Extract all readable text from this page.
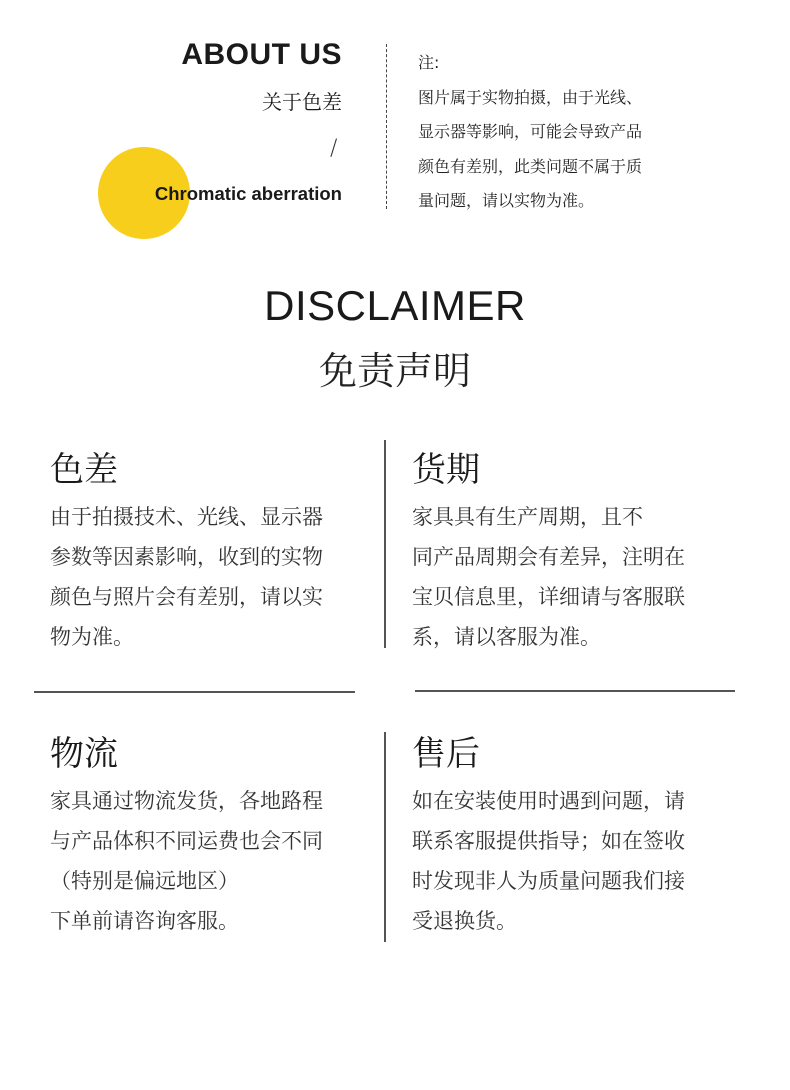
ABOUT US
关于色差
/
Chromatic aberration
注:
图片属于实物拍摄，由于光线、
显示器等影响，可能会导致产品
颜色有差别，此类问题不属于质
量问题，请以实物为准。
DISCLAIMER
免责声明
色差
由于拍摄技术、光线、显示器
参数等因素影响，收到的实物
颜色与照片会有差别，请以实
物为准。
货期
家具具有生产周期，且不
同产品周期会有差异，注明在
宝贝信息里，详细请与客服联
系，请以客服为准。
物流
家具通过物流发货，各地路程
与产品体积不同运费也会不同
（特别是偏远地区）
下单前请咨询客服。
售后
如在安装使用时遇到问题，请
联系客服提供指导；如在签收
时发现非人为质量问题我们接
受退换货。
